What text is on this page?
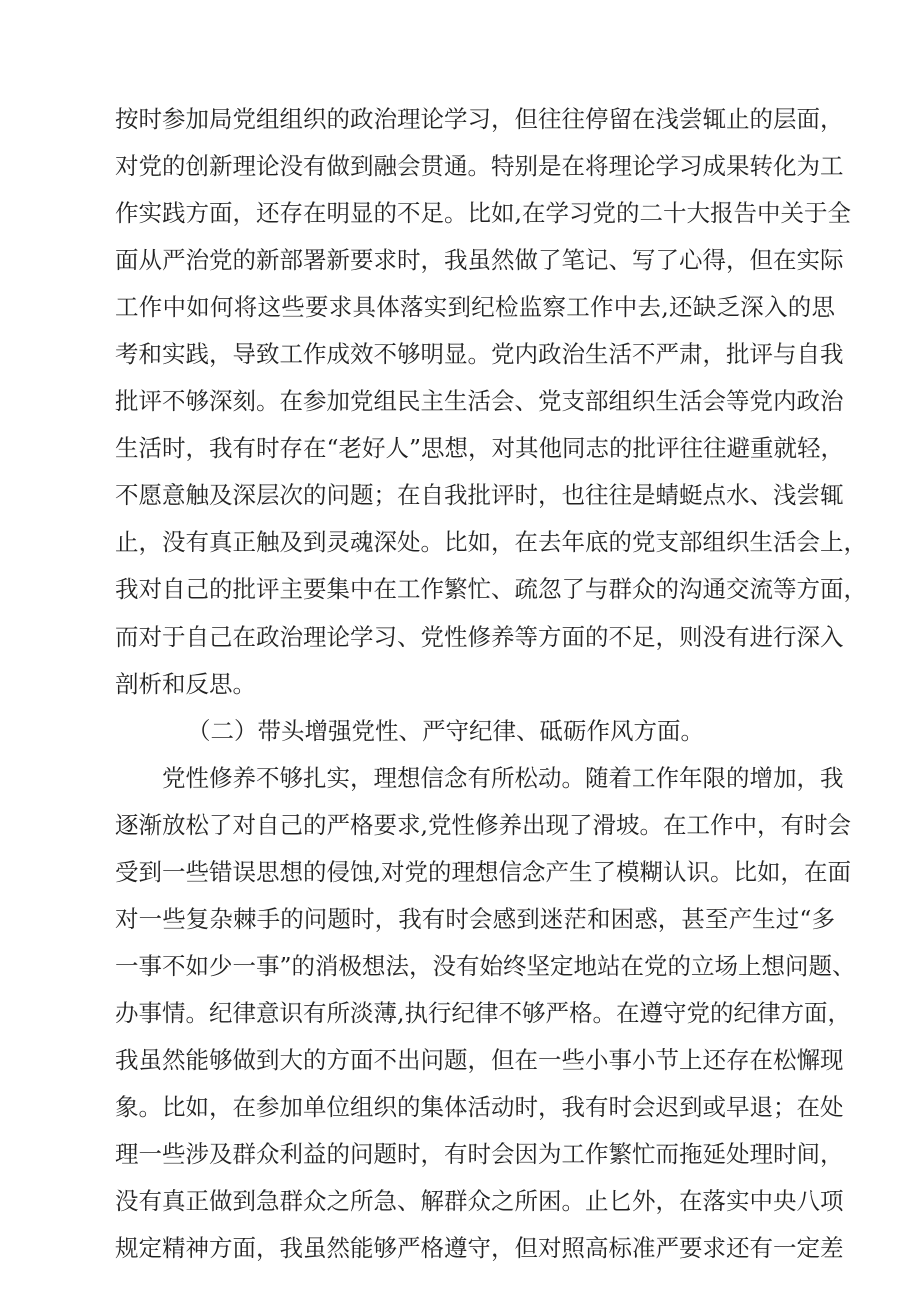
按时参加局党组组织的政治理论学习，但往往停留在浅尝辄止的层面，
对党的创新理论没有做到融会贯通。特别是在将理论学习成果转化为工
作实践方面，还存在明显的不足。比如,在学习党的二十大报告中关于全
面从严治党的新部署新要求时，我虽然做了笔记、写了心得，但在实际
工作中如何将这些要求具体落实到纪检监察工作中去,还缺乏深入的思
考和实践，导致工作成效不够明显。党内政治生活不严肃，批评与自我
批评不够深刻。在参加党组民主生活会、党支部组织生活会等党内政治
生活时，我有时存在“老好人”思想，对其他同志的批评往往避重就轻，
不愿意触及深层次的问题；在自我批评时，也往往是蜻蜓点水、浅尝辄
止，没有真正触及到灵魂深处。比如，在去年底的党支部组织生活会上，
我对自己的批评主要集中在工作繁忙、疏忽了与群众的沟通交流等方面，
而对于自己在政治理论学习、党性修养等方面的不足，则没有进行深入
剖析和反思。
（二）带头增强党性、严守纪律、砥砺作风方面。
党性修养不够扎实，理想信念有所松动。随着工作年限的增加，我
逐渐放松了对自己的严格要求,党性修养出现了滑坡。在工作中，有时会
受到一些错误思想的侵蚀,对党的理想信念产生了模糊认识。比如，在面
对一些复杂棘手的问题时，我有时会感到迷茫和困惑，甚至产生过“多
一事不如少一事”的消极想法，没有始终坚定地站在党的立场上想问题、
办事情。纪律意识有所淡薄,执行纪律不够严格。在遵守党的纪律方面，
我虽然能够做到大的方面不出问题，但在一些小事小节上还存在松懈现
象。比如，在参加单位组织的集体活动时，我有时会迟到或早退；在处
理一些涉及群众利益的问题时，有时会因为工作繁忙而拖延处理时间，
没有真正做到急群众之所急、解群众之所困。止匕外，在落实中央八项
规定精神方面，我虽然能够严格遵守，但对照高标准严要求还有一定差
